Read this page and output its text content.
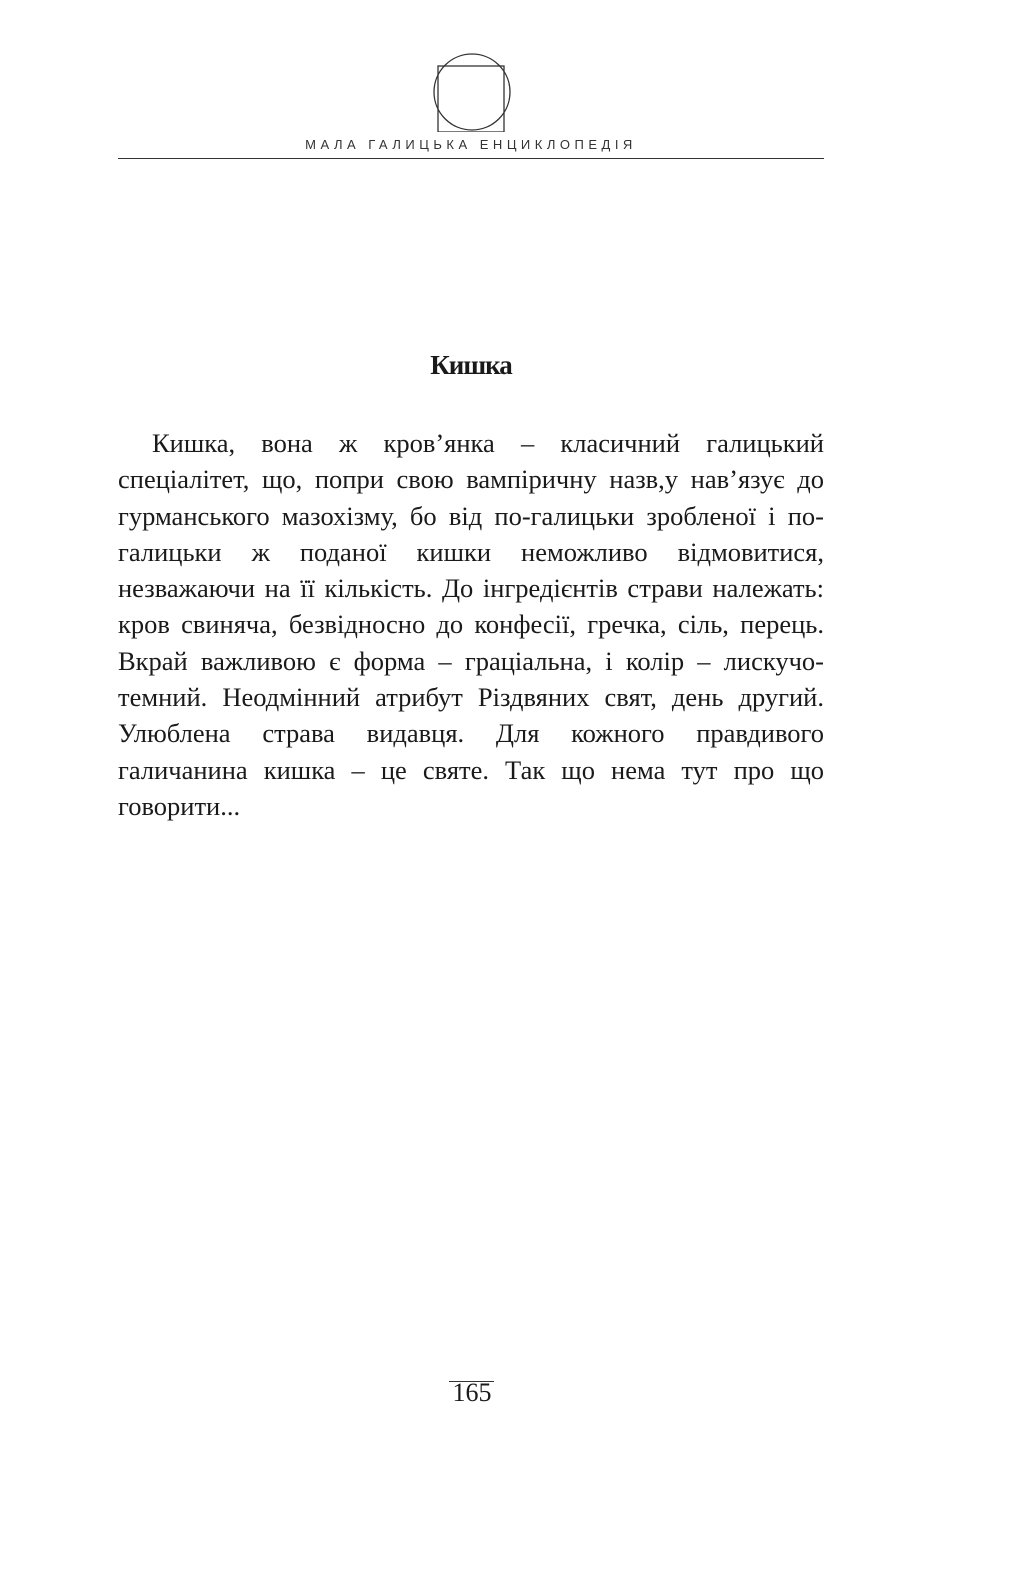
МАЛА ГАЛИЦЬКА ЕНЦИКЛОПЕДІЯ
Кишка

Кишка, вона ж кров’янка – класичний галицький спеціалітет, що, попри свою вампіричну назв,у нав’язує до гурманського мазохізму, бо від по-галицьки зробленої і по-галицьки ж поданої кишки неможливо відмовитися, незважаючи на її кількість. До інгредієнтів страви належать: кров свиняча, безвідносно до конфесії, гречка, сіль, перець. Вкрай важливою є форма – граціальна, і колір – лискучо-темний. Неодмінний атрибут Різдвяних свят, день другий. Улюблена страва видавця. Для кожного правдивого галичанина кишка – це святе. Так що нема тут про що говорити...

165
